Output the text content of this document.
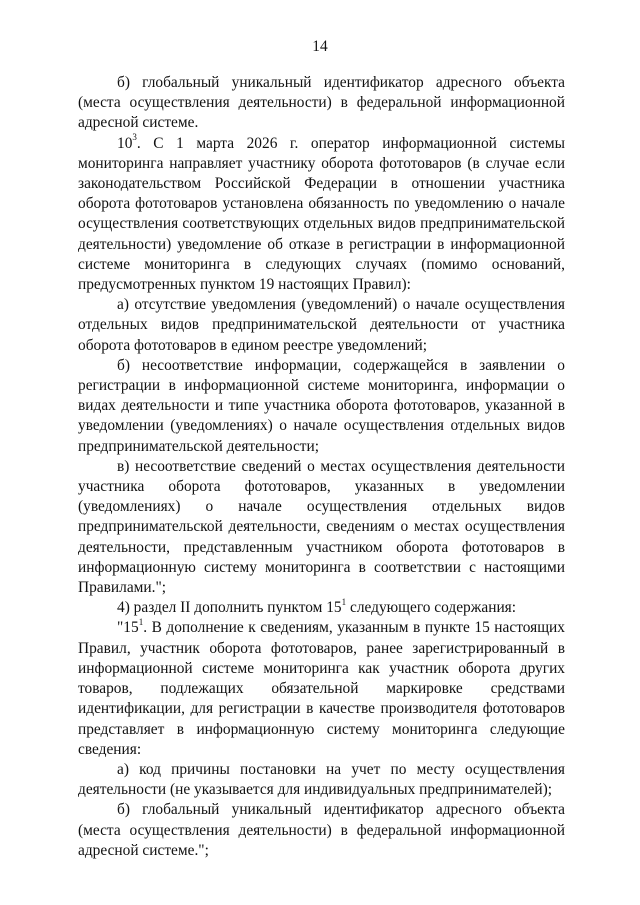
14

б) глобальный уникальный идентификатор адресного объекта (места осуществления деятельности) в федеральной информационной адресной системе.

$10^3$. С 1 марта 2026 г. оператор информационной системы мониторинга направляет участнику оборота фототоваров (в случае если законодательством Российской Федерации в отношении участника оборота фототоваров установлена обязанность по уведомлению о начале осуществления соответствующих отдельных видов предпринимательской деятельности) уведомление об отказе в регистрации в информационной системе мониторинга в следующих случаях (помимо оснований, предусмотренных пунктом 19 настоящих Правил):

а) отсутствие уведомления (уведомлений) о начале осуществления отдельных видов предпринимательской деятельности от участника оборота фототоваров в едином реестре уведомлений;

б) несоответствие информации, содержащейся в заявлении о регистрации в информационной системе мониторинга, информации о видах деятельности и типе участника оборота фототоваров, указанной в уведомлении (уведомлениях) о начале осуществления отдельных видов предпринимательской деятельности;

в) несоответствие сведений о местах осуществления деятельности участника оборота фототоваров, указанных в уведомлении (уведомлениях) о начале осуществления отдельных видов предпринимательской деятельности, сведениям о местах осуществления деятельности, представленным участником оборота фототоваров в информационную систему мониторинга в соответствии с настоящими Правилами.";

4) раздел II дополнить пунктом $15^1$ следующего содержания:

"$15^1$. В дополнение к сведениям, указанным в пункте 15 настоящих Правил, участник оборота фототоваров, ранее зарегистрированный в информационной системе мониторинга как участник оборота других товаров, подлежащих обязательной маркировке средствами идентификации, для регистрации в качестве производителя фототоваров представляет в информационную систему мониторинга следующие сведения:

а) код причины постановки на учет по месту осуществления деятельности (не указывается для индивидуальных предпринимателей);

б) глобальный уникальный идентификатор адресного объекта (места осуществления деятельности) в федеральной информационной адресной системе.";
